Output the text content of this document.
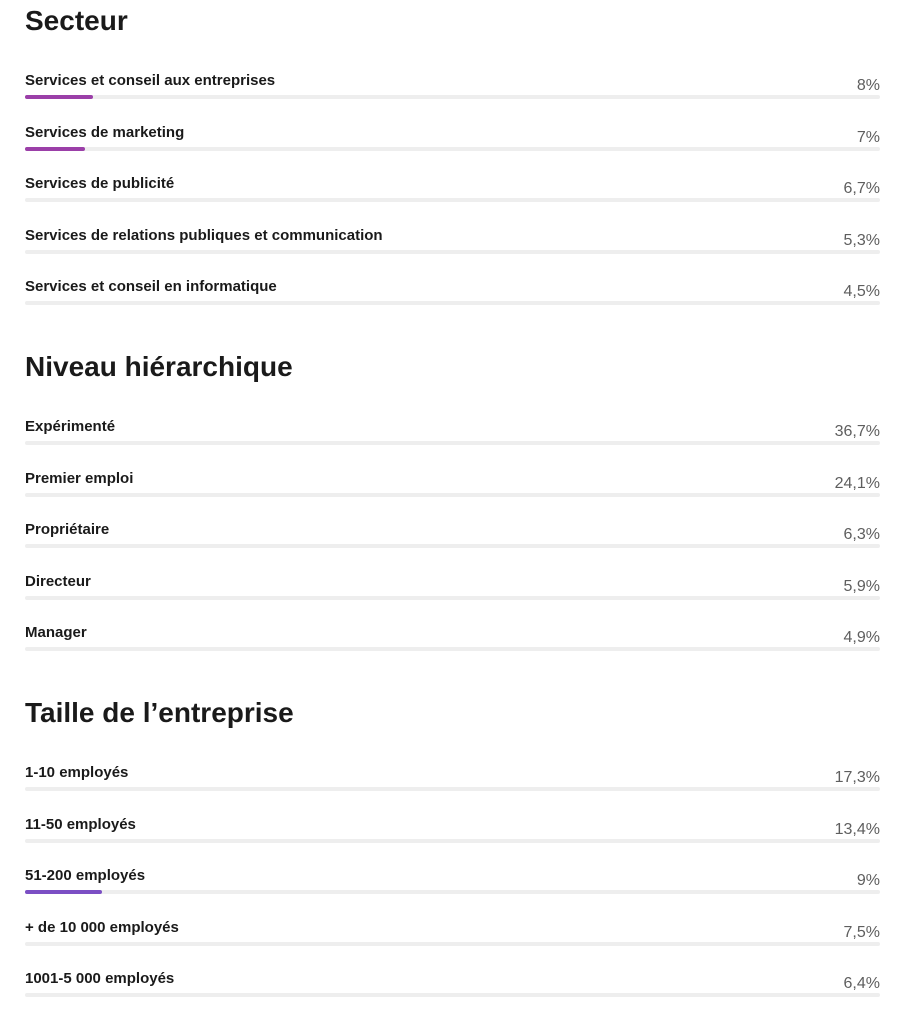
Secteur
Services et conseil aux entreprises	8%
Services de marketing	7%
Services de publicité	6,7%
Services de relations publiques et communication	5,3%
Services et conseil en informatique	4,5%
Niveau hiérarchique
Expérimenté	36,7%
Premier emploi	24,1%
Propriétaire	6,3%
Directeur	5,9%
Manager	4,9%
Taille de l’entreprise
1-10 employés	17,3%
11-50 employés	13,4%
51-200 employés	9%
+ de 10 000 employés	7,5%
1001-5 000 employés	6,4%
